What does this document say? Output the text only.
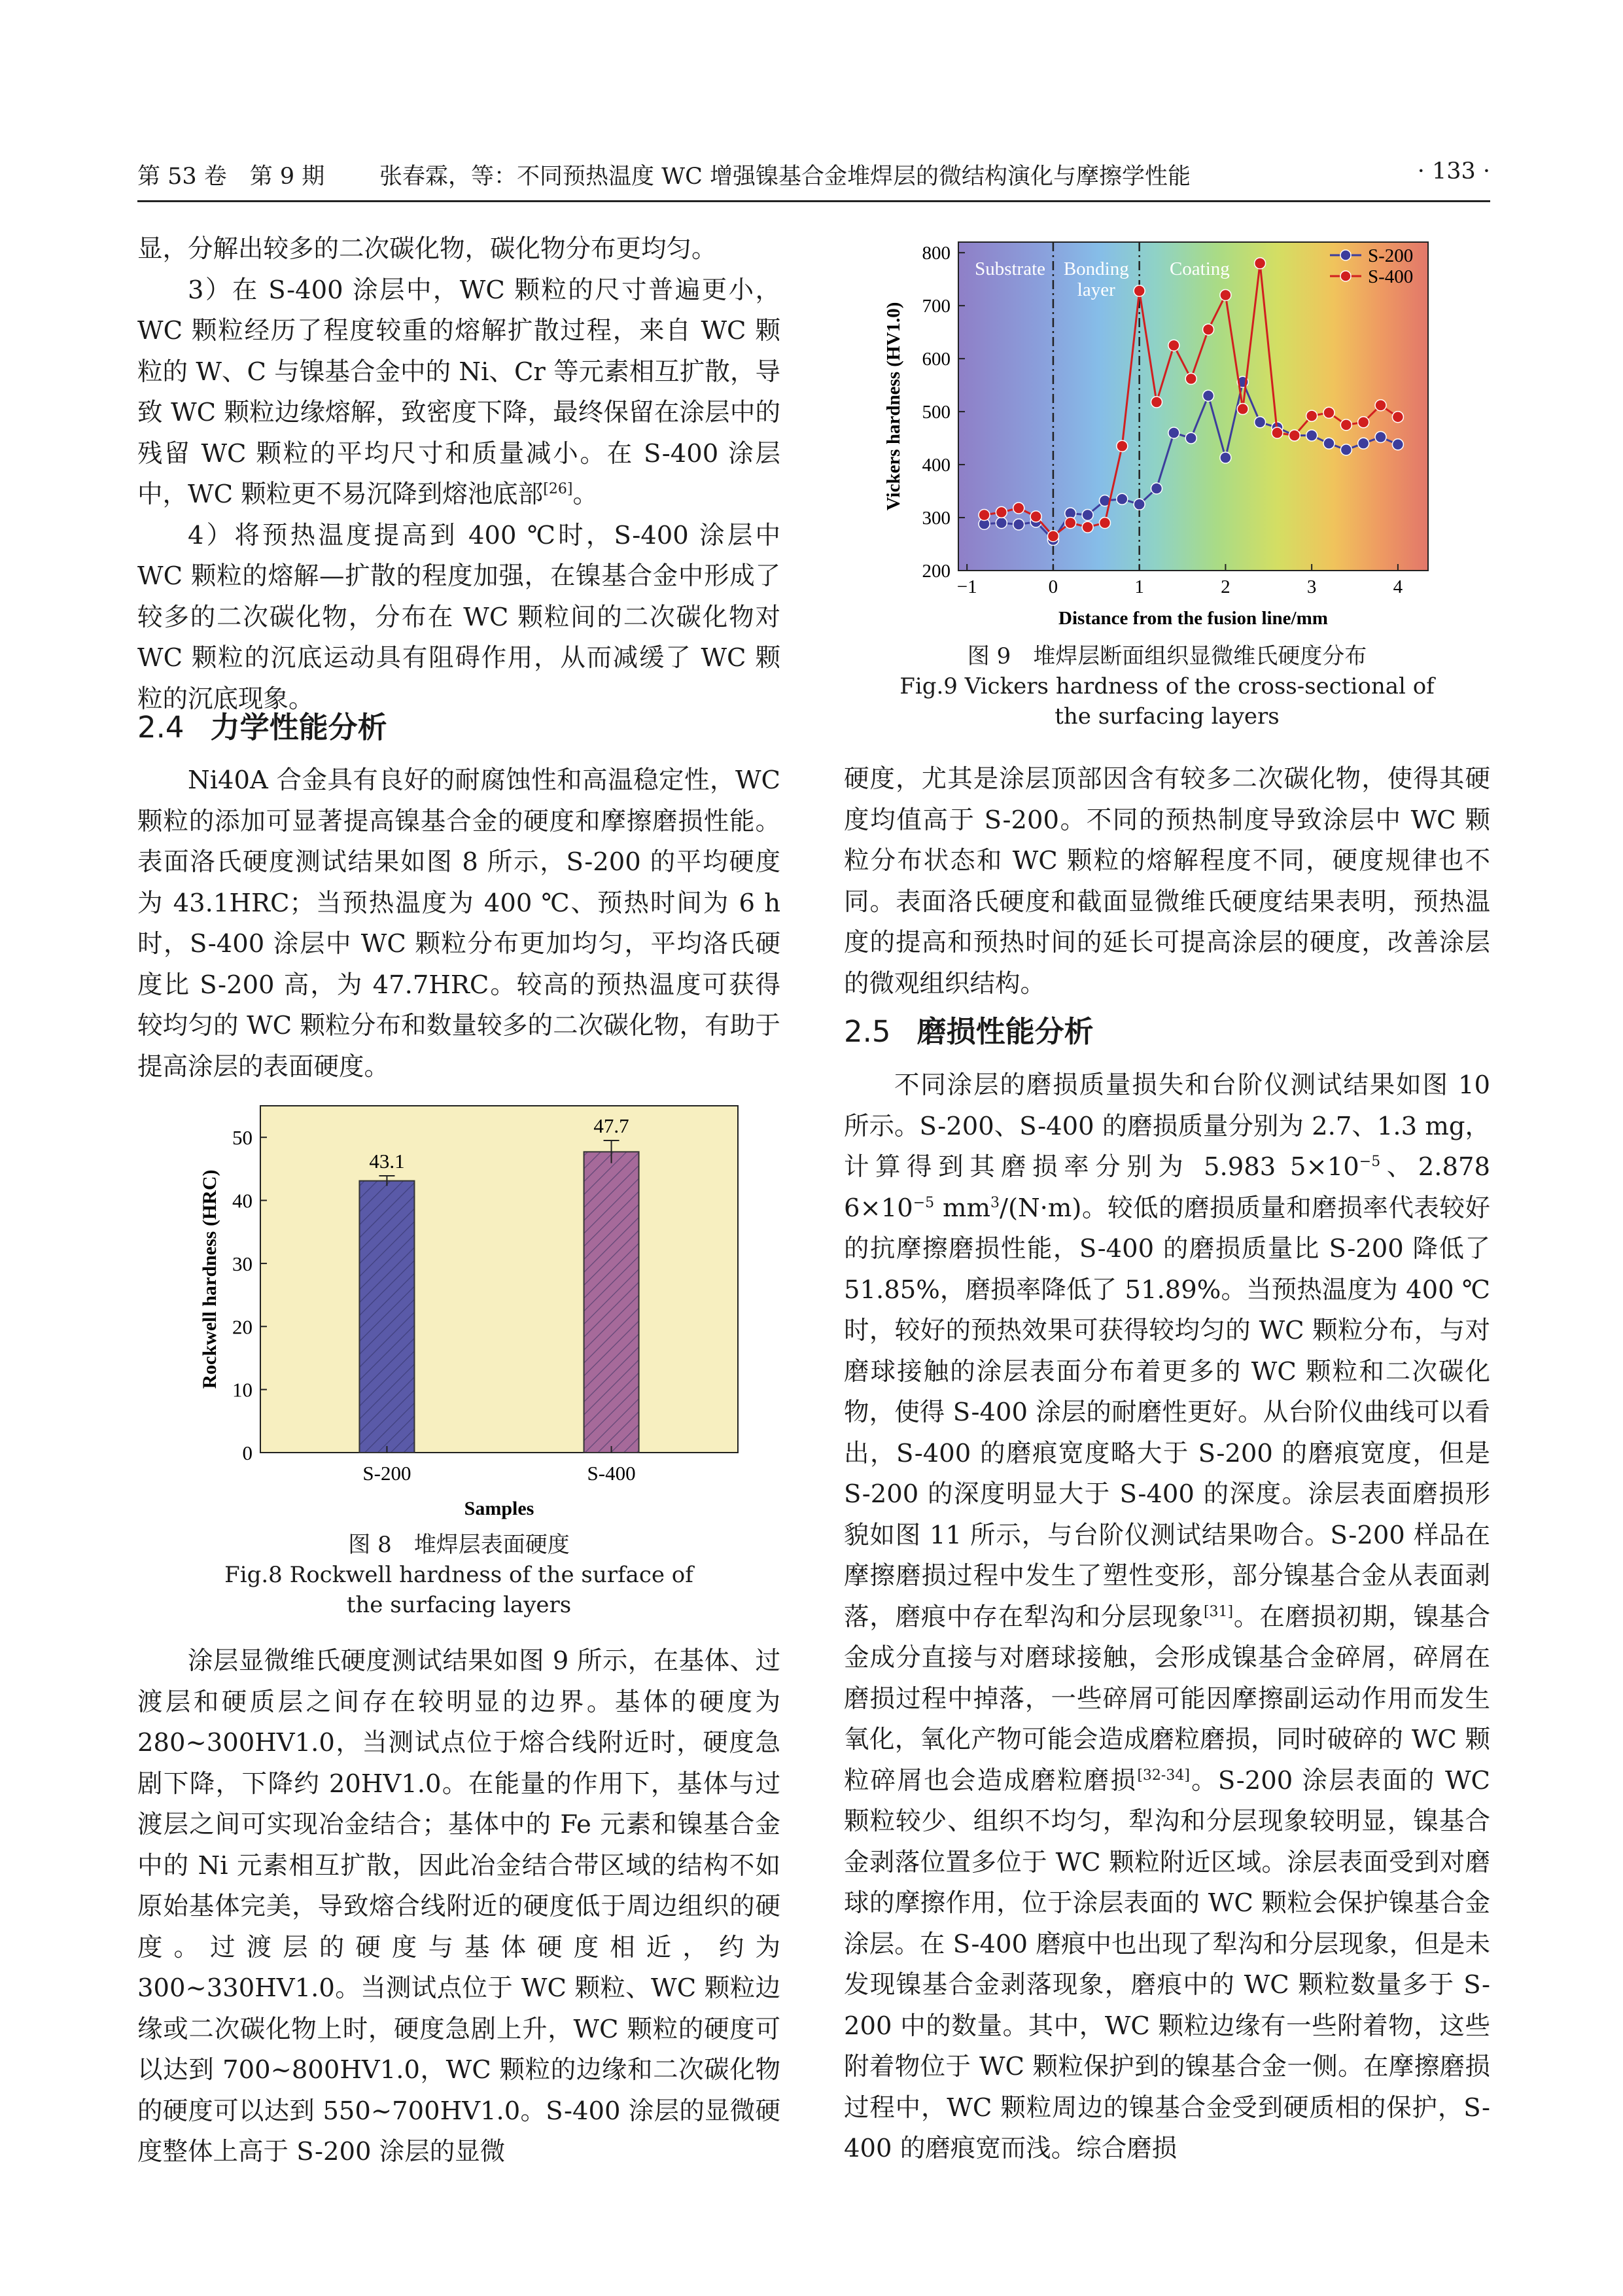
第 53 卷　第 9 期 张春霖，等：不同预热温度 WC 增强镍基合金堆焊层的微结构演化与摩擦学性能	· 133 ·

显，分解出较多的二次碳化物，碳化物分布更均匀。

3）在 S-400 涂层中，WC 颗粒的尺寸普遍更小，WC 颗粒经历了程度较重的熔解扩散过程，来自 WC 颗粒的 W、C 与镍基合金中的 Ni、Cr 等元素相互扩散，导致 WC 颗粒边缘熔解，致密度下降，最终保留在涂层中的残留 WC 颗粒的平均尺寸和质量减小。在 S-400 涂层中，WC 颗粒更不易沉降到熔池底部[26]。

4）将预热温度提高到 400 ℃时，S-400 涂层中 WC 颗粒的熔解—扩散的程度加强，在镍基合金中形成了较多的二次碳化物，分布在 WC 颗粒间的二次碳化物对 WC 颗粒的沉底运动具有阻碍作用，从而减缓了 WC 颗粒的沉底现象。

2.4 力学性能分析

Ni40A 合金具有良好的耐腐蚀性和高温稳定性，WC 颗粒的添加可显著提高镍基合金的硬度和摩擦磨损性能。表面洛氏硬度测试结果如图 8 所示，S-200 的平均硬度为 43.1HRC；当预热温度为 400 ℃、预热时间为 6 h 时，S-400 涂层中 WC 颗粒分布更加均匀，平均洛氏硬度比 S-200 高，为 47.7HRC。较高的预热温度可获得较均匀的 WC 颗粒分布和数量较多的二次碳化物，有助于提高涂层的表面硬度。

0
10
20
30
40
50
43.1
S-200
47.7
S-400
Samples
Rockwell hardness (HRC)
图 8　堆焊层表面硬度
Fig.8 Rockwell hardness of the surface of
the surfacing layers

涂层显微维氏硬度测试结果如图 9 所示，在基体、过渡层和硬质层之间存在较明显的边界。基体的硬度为 280~300HV1.0，当测试点位于熔合线附近时，硬度急剧下降，下降约 20HV1.0。在能量的作用下，基体与过渡层之间可实现冶金结合；基体中的 Fe 元素和镍基合金中的 Ni 元素相互扩散，因此冶金结合带区域的结构不如原始基体完美，导致熔合线附近的硬度低于周边组织的硬度。过渡层的硬度与基体硬度相近，约为 300~330HV1.0。当测试点位于 WC 颗粒、WC 颗粒边缘或二次碳化物上时，硬度急剧上升，WC 颗粒的硬度可以达到 700~800HV1.0，WC 颗粒的边缘和二次碳化物的硬度可以达到 550~700HV1.0。S-400 涂层的显微硬度整体上高于 S-200 涂层的显微

Substrate Bonding
layer
Coating
200
300
400
500
600
700
800
−1	0	1	2	3	4
S-200
S-400
Distance from the fusion line/mm
Vickers hardness (HV1.0)
图 9　堆焊层断面组织显微维氏硬度分布
Fig.9 Vickers hardness of the cross-sectional of
the surfacing layers

硬度，尤其是涂层顶部因含有较多二次碳化物，使得其硬度均值高于 S-200。不同的预热制度导致涂层中 WC 颗粒分布状态和 WC 颗粒的熔解程度不同，硬度规律也不同。表面洛氏硬度和截面显微维氏硬度结果表明，预热温度的提高和预热时间的延长可提高涂层的硬度，改善涂层的微观组织结构。

2.5 磨损性能分析

不同涂层的磨损质量损失和台阶仪测试结果如图 10 所示。S-200、S-400 的磨损质量分别为 2.7、1.3 mg，计算得到其磨损率分别为 5.983 $5\times 10^{-5}$、2.878 $6\times 10^{-5}$ $mm^3/(N\cdot m)$。较低的磨损质量和磨损率代表较好的抗摩擦磨损性能，S-400 的磨损质量比 S-200 降低了 51.85%，磨损率降低了 51.89%。当预热温度为 400 ℃时，较好的预热效果可获得较均匀的 WC 颗粒分布，与对磨球接触的涂层表面分布着更多的 WC 颗粒和二次碳化物，使得 S-400 涂层的耐磨性更好。从台阶仪曲线可以看出，S-400 的磨痕宽度略大于 S-200 的磨痕宽度，但是 S-200 的深度明显大于 S-400 的深度。涂层表面磨损形貌如图 11 所示，与台阶仪测试结果吻合。S-200 样品在摩擦磨损过程中发生了塑性变形，部分镍基合金从表面剥落，磨痕中存在犁沟和分层现象[31]。在磨损初期，镍基合金成分直接与对磨球接触，会形成镍基合金碎屑，碎屑在磨损过程中掉落，一些碎屑可能因摩擦副运动作用而发生氧化，氧化产物可能会造成磨粒磨损，同时破碎的 WC 颗粒碎屑也会造成磨粒磨损[32-34]。S-200 涂层表面的 WC 颗粒较少、组织不均匀，犁沟和分层现象较明显，镍基合金剥落位置多位于 WC 颗粒附近区域。涂层表面受到对磨球的摩擦作用，位于涂层表面的 WC 颗粒会保护镍基合金涂层。在 S-400 磨痕中也出现了犁沟和分层现象，但是未发现镍基合金剥落现象，磨痕中的 WC 颗粒数量多于 S-200 中的数量。其中，WC 颗粒边缘有一些附着物，这些附着物位于 WC 颗粒保护到的镍基合金一侧。在摩擦磨损过程中，WC 颗粒周边的镍基合金受到硬质相的保护，S-400 的磨痕宽而浅。综合磨损
